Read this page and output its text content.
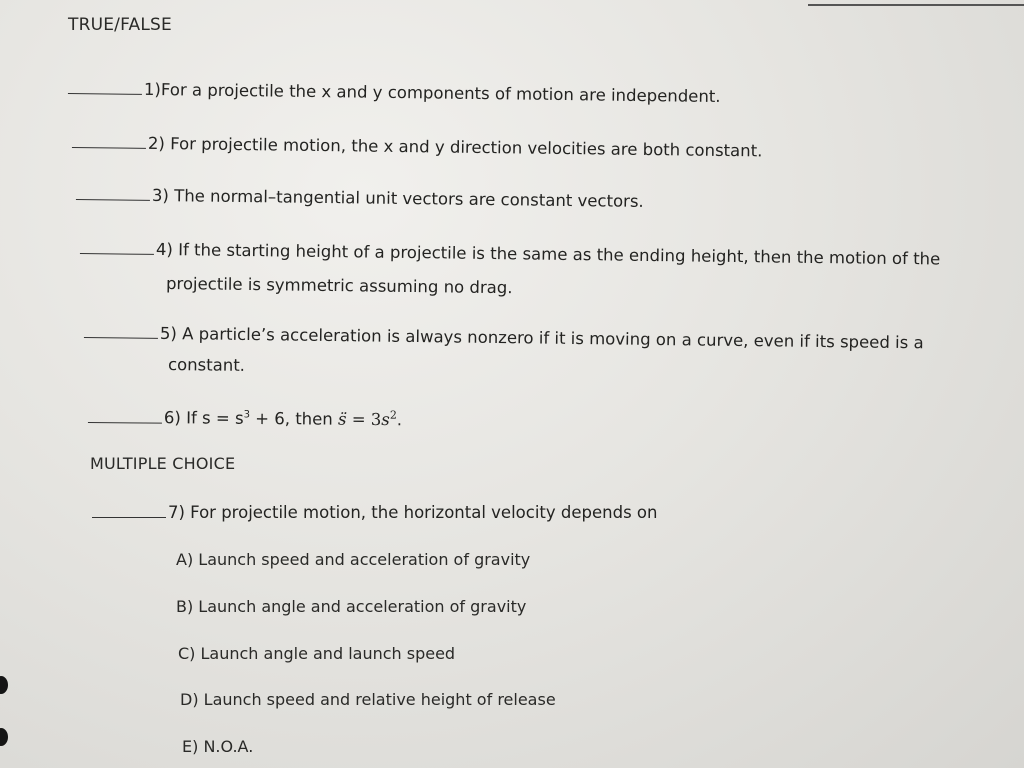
TRUE/FALSE
1)For a projectile the x and y components of motion are independent.
2) For projectile motion, the x and y direction velocities are both constant.
3) The normal–tangential unit vectors are constant vectors.
4) If the starting height of a projectile is the same as the ending height, then the motion of the
projectile is symmetric assuming no drag.
5) A particle’s acceleration is always nonzero if it is moving on a curve, even if its speed is a
constant.
6) If $s = s^3 + 6$, then s̈ = $3s^2$.
MULTIPLE CHOICE
7) For projectile motion, the horizontal velocity depends on
A) Launch speed and acceleration of gravity
B) Launch angle and acceleration of gravity
C) Launch angle and launch speed
D) Launch speed and relative height of release
E) N.O.A.
